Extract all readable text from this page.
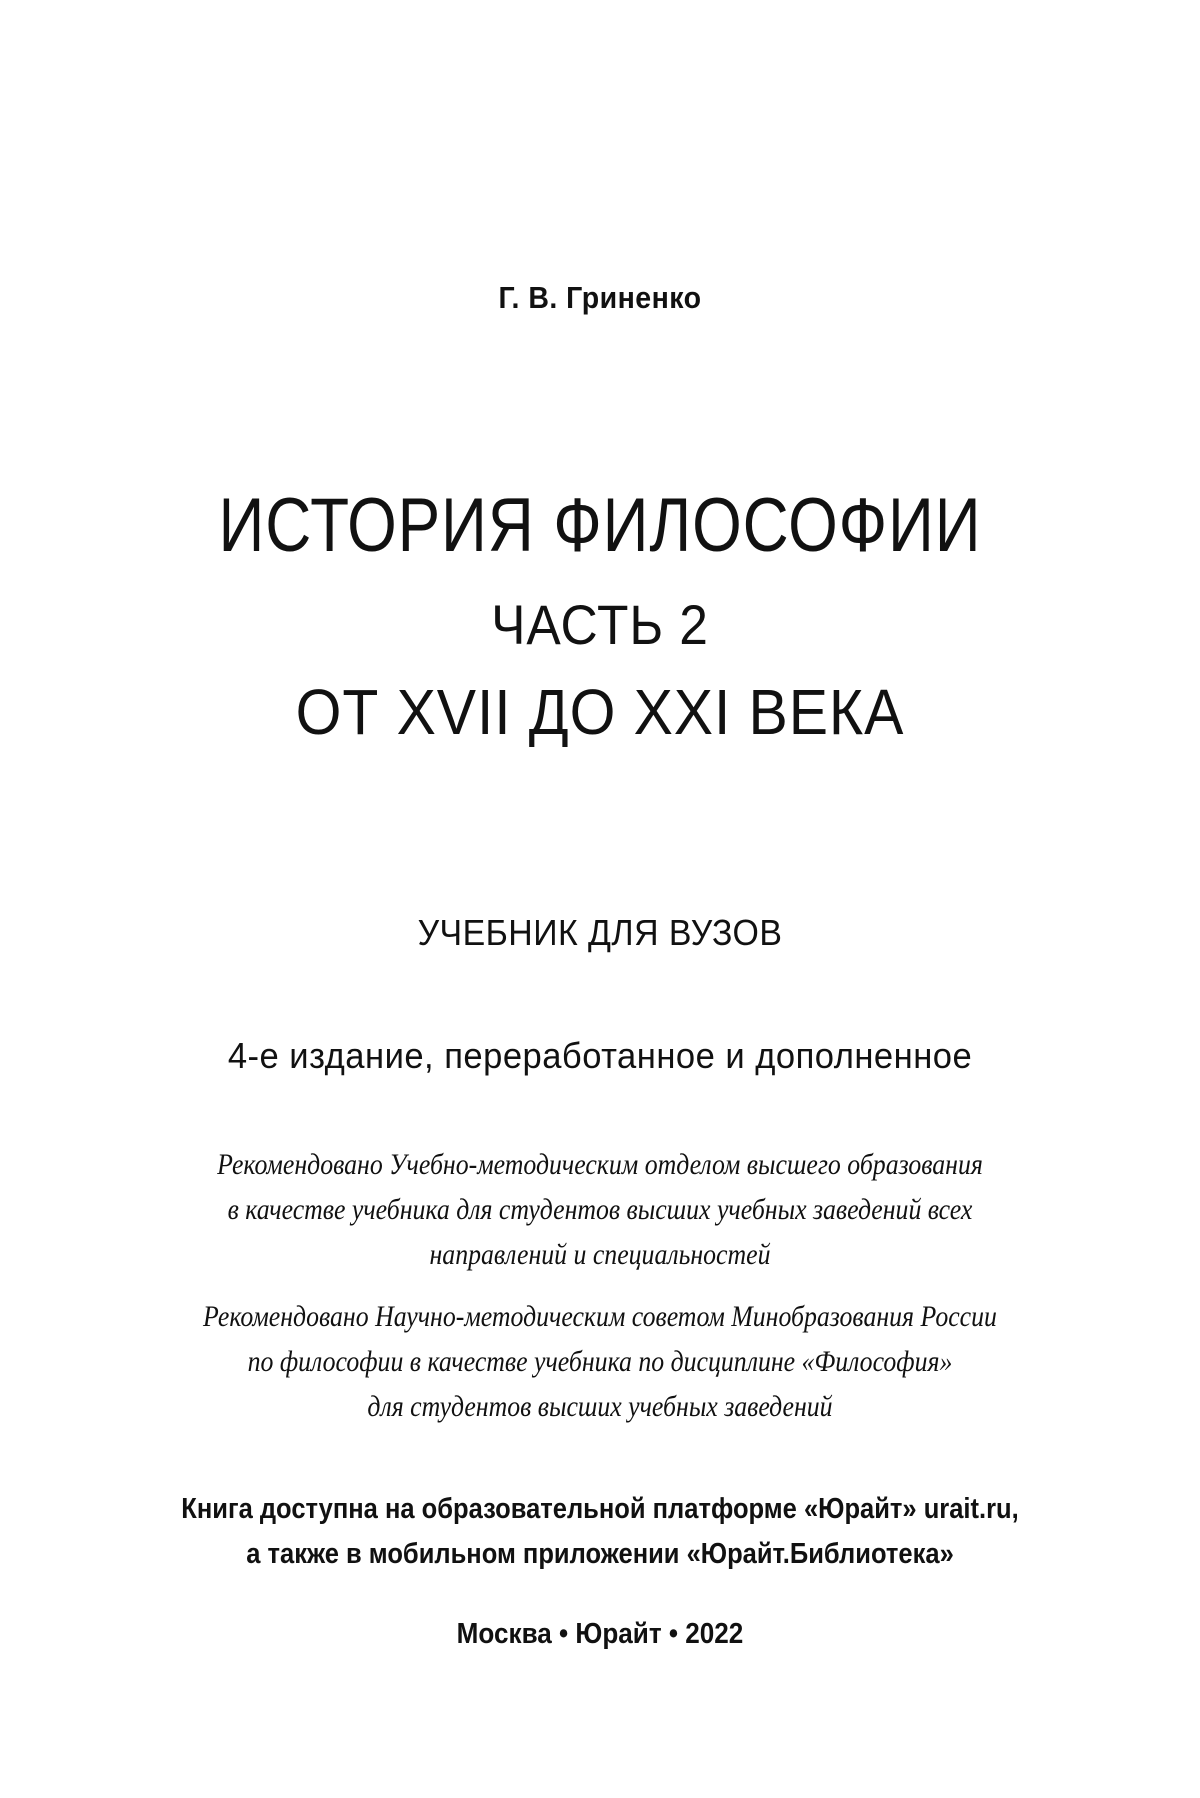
Г. В. Гриненко

ИСТОРИЯ ФИЛОСОФИИ

ЧАСТЬ 2

ОТ XVII ДО XXI ВЕКА

УЧЕБНИК ДЛЯ ВУЗОВ

4-е издание, переработанное и дополненное

Рекомендовано Учебно-методическим отделом высшего образования

в качестве учебника для студентов высших учебных заведений всех

направлений и специальностей

Рекомендовано Научно-методическим советом Минобразования России

по философии в качестве учебника по дисциплине «Философия»

для студентов высших учебных заведений

Книга доступна на образовательной платформе «Юрайт» urait.ru,

а также в мобильном приложении «Юрайт.Библиотека»

Москва • Юрайт • 2022
